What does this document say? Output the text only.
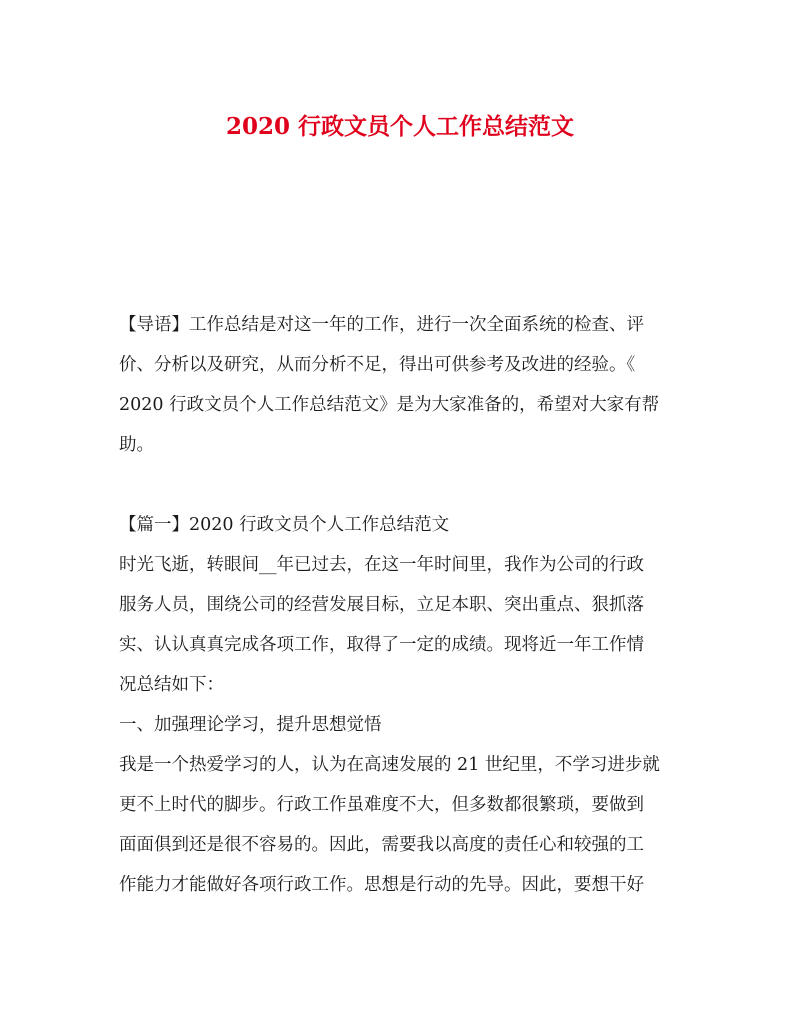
2020 行政文员个人工作总结范文
【导语】工作总结是对这一年的工作，进行一次全面系统的检查、评
价、分析以及研究，从而分析不足，得出可供参考及改进的经验。《
2020 行政文员个人工作总结范文》是为大家准备的，希望对大家有帮
助。
【篇一】2020 行政文员个人工作总结范文
时光飞逝，转眼间__年已过去，在这一年时间里，我作为公司的行政
服务人员，围绕公司的经营发展目标，立足本职、突出重点、狠抓落
实、认认真真完成各项工作，取得了一定的成绩。现将近一年工作情
况总结如下：
一、加强理论学习，提升思想觉悟
我是一个热爱学习的人，认为在高速发展的 21 世纪里，不学习进步就
更不上时代的脚步。行政工作虽难度不大，但多数都很繁琐，要做到
面面俱到还是很不容易的。因此，需要我以高度的责任心和较强的工
作能力才能做好各项行政工作。思想是行动的先导。因此，要想干好
